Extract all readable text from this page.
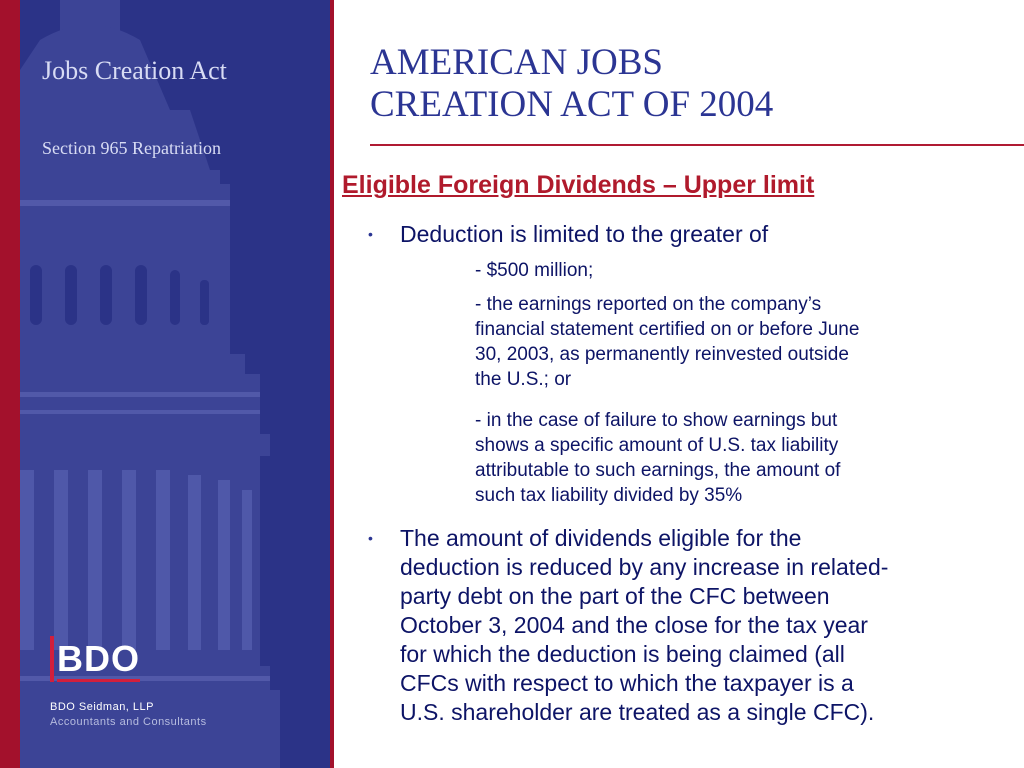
Jobs Creation Act
Section 965 Repatriation
BDO
BDO Seidman, LLP
Accountants and Consultants
AMERICAN JOBS
CREATION ACT OF 2004
Eligible Foreign Dividends – Upper limit
• Deduction is limited to the greater of
- $500 million;
- the earnings reported on the company’s
financial statement certified on or before June
30, 2003, as permanently reinvested outside
the U.S.; or
- in the case of failure to show earnings but
shows a specific amount of U.S. tax liability
attributable to such earnings, the amount of
such tax liability divided by 35%
• The amount of dividends eligible for the
deduction is reduced by any increase in related-
party debt on the part of the CFC between
October 3, 2004 and the close for the tax year
for which the deduction is being claimed (all
CFCs with respect to which the taxpayer is a
U.S. shareholder are treated as a single CFC).
